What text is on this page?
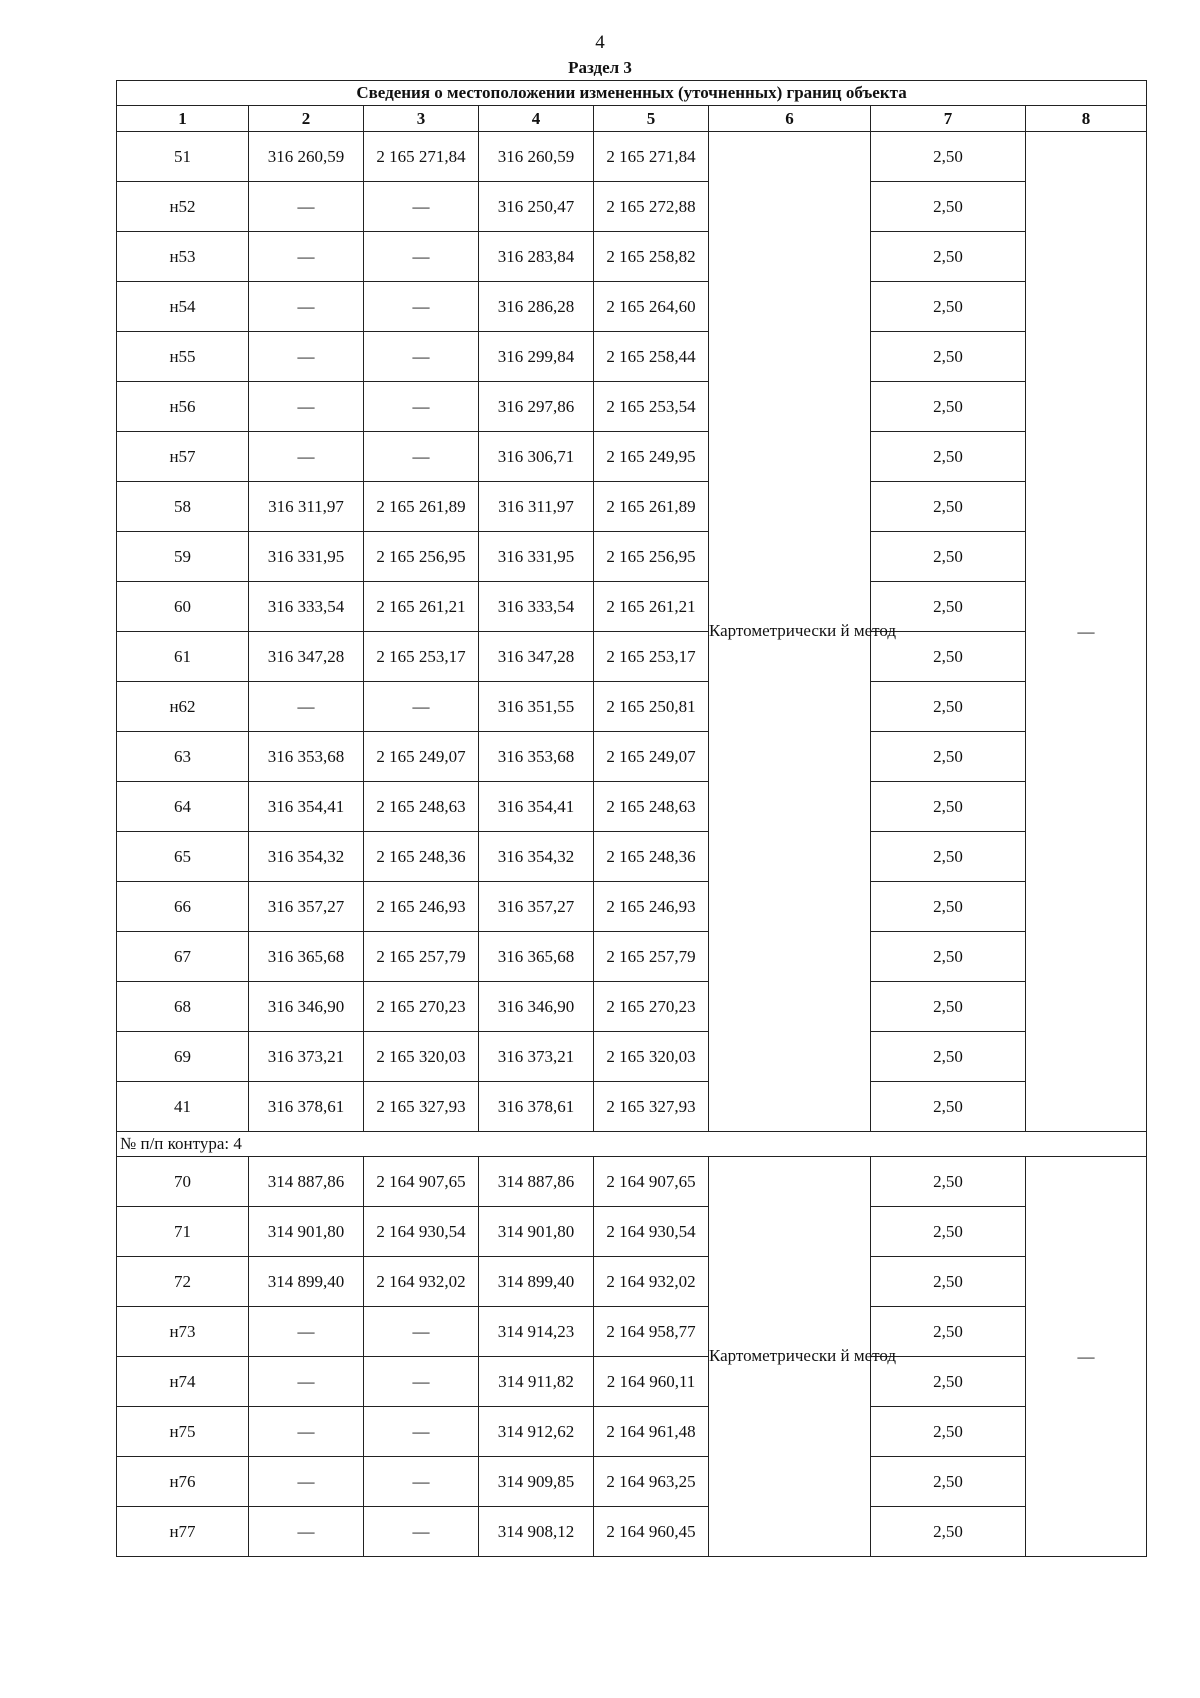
4
Раздел 3
Сведения о местоположении измененных (уточненных) границ объекта							
1	2	3	4	5	6	7	8
51	316 260,59	2 165 271,84	316 260,59	2 165 271,84	Картометрически й метод	2,50	—
н52	—	—	316 250,47	2 165 272,88		2,50	
н53	—	—	316 283,84	2 165 258,82		2,50	
н54	—	—	316 286,28	2 165 264,60		2,50	
н55	—	—	316 299,84	2 165 258,44		2,50	
н56	—	—	316 297,86	2 165 253,54		2,50	
н57	—	—	316 306,71	2 165 249,95		2,50	
58	316 311,97	2 165 261,89	316 311,97	2 165 261,89		2,50	
59	316 331,95	2 165 256,95	316 331,95	2 165 256,95		2,50	
60	316 333,54	2 165 261,21	316 333,54	2 165 261,21		2,50	
61	316 347,28	2 165 253,17	316 347,28	2 165 253,17		2,50	
н62	—	—	316 351,55	2 165 250,81		2,50	
63	316 353,68	2 165 249,07	316 353,68	2 165 249,07		2,50	
64	316 354,41	2 165 248,63	316 354,41	2 165 248,63		2,50	
65	316 354,32	2 165 248,36	316 354,32	2 165 248,36		2,50	
66	316 357,27	2 165 246,93	316 357,27	2 165 246,93		2,50	
67	316 365,68	2 165 257,79	316 365,68	2 165 257,79		2,50	
68	316 346,90	2 165 270,23	316 346,90	2 165 270,23		2,50	
69	316 373,21	2 165 320,03	316 373,21	2 165 320,03		2,50	
41	316 378,61	2 165 327,93	316 378,61	2 165 327,93		2,50	
№ п/п контура: 4							
70	314 887,86	2 164 907,65	314 887,86	2 164 907,65	Картометрически й метод	2,50	—
71	314 901,80	2 164 930,54	314 901,80	2 164 930,54		2,50	
72	314 899,40	2 164 932,02	314 899,40	2 164 932,02		2,50	
н73	—	—	314 914,23	2 164 958,77		2,50	
н74	—	—	314 911,82	2 164 960,11		2,50	
н75	—	—	314 912,62	2 164 961,48		2,50	
н76	—	—	314 909,85	2 164 963,25		2,50	
н77	—	—	314 908,12	2 164 960,45		2,50	
